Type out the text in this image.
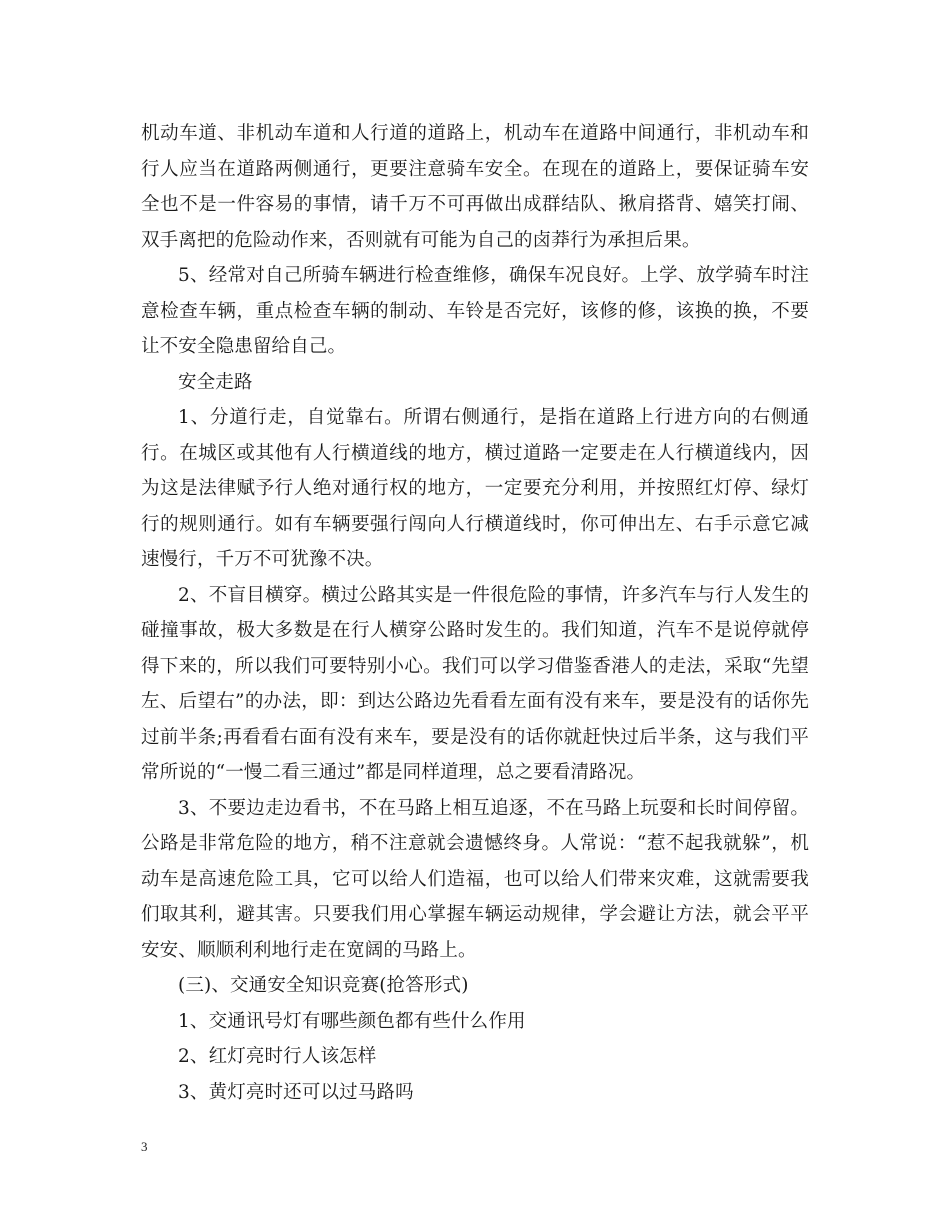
机动车道、非机动车道和人行道的道路上，机动车在道路中间通行，非机动车和行人应当在道路两侧通行，更要注意骑车安全。在现在的道路上，要保证骑车安全也不是一件容易的事情，请千万不可再做出成群结队、揪肩搭背、嬉笑打闹、双手离把的危险动作来，否则就有可能为自己的卤莽行为承担后果。

5、经常对自己所骑车辆进行检查维修，确保车况良好。上学、放学骑车时注意检查车辆，重点检查车辆的制动、车铃是否完好，该修的修，该换的换，不要让不安全隐患留给自己。

安全走路

1、分道行走，自觉靠右。所谓右侧通行，是指在道路上行进方向的右侧通行。在城区或其他有人行横道线的地方，横过道路一定要走在人行横道线内，因为这是法律赋予行人绝对通行权的地方，一定要充分利用，并按照红灯停、绿灯行的规则通行。如有车辆要强行闯向人行横道线时，你可伸出左、右手示意它减速慢行，千万不可犹豫不决。

2、不盲目横穿。横过公路其实是一件很危险的事情，许多汽车与行人发生的碰撞事故，极大多数是在行人横穿公路时发生的。我们知道，汽车不是说停就停得下来的，所以我们可要特别小心。我们可以学习借鉴香港人的走法，采取“先望左、后望右”的办法，即：到达公路边先看看左面有没有来车，要是没有的话你先过前半条;再看看右面有没有来车，要是没有的话你就赶快过后半条，这与我们平常所说的“一慢二看三通过”都是同样道理，总之要看清路况。

3、不要边走边看书，不在马路上相互追逐，不在马路上玩耍和长时间停留。公路是非常危险的地方，稍不注意就会遗憾终身。人常说：“惹不起我就躲”，机动车是高速危险工具，它可以给人们造福，也可以给人们带来灾难，这就需要我们取其利，避其害。只要我们用心掌握车辆运动规律，学会避让方法，就会平平安安、顺顺利利地行走在宽阔的马路上。

(三)、交通安全知识竞赛(抢答形式)

1、交通讯号灯有哪些颜色都有些什么作用

2、红灯亮时行人该怎样

3、黄灯亮时还可以过马路吗

3
